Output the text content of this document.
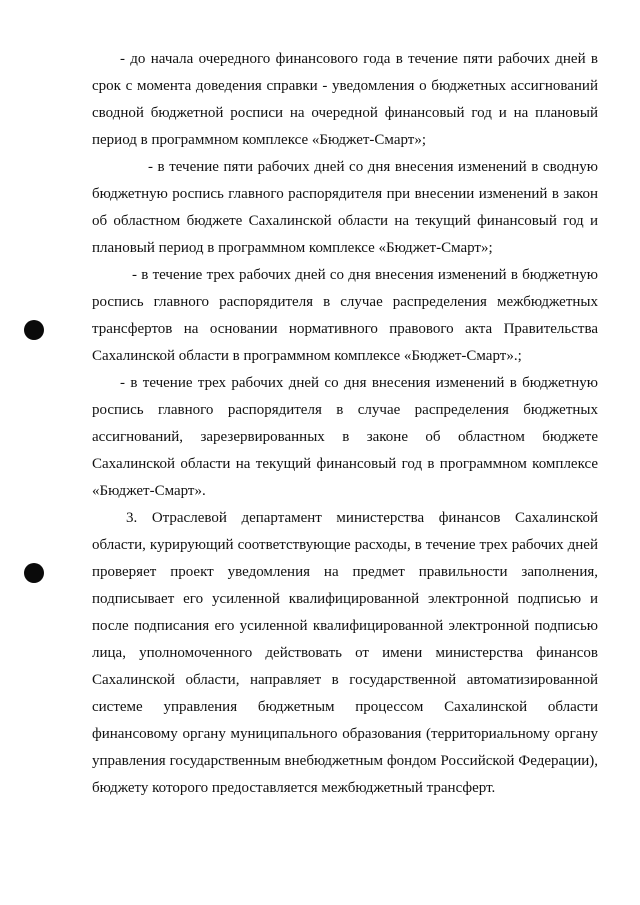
- до начала очередного финансового года в течение пяти рабочих дней в срок с момента доведения справки - уведомления о бюджетных ассигнований сводной бюджетной росписи на очередной финансовый год и на плановый период в программном комплексе «Бюджет-Смарт»;

- в течение пяти рабочих дней со дня внесения изменений в сводную бюджетную роспись главного распорядителя при внесении изменений в закон об областном бюджете Сахалинской области на текущий финансовый год и плановый период в программном комплексе «Бюджет-Смарт»;

- в течение трех рабочих дней со дня внесения изменений в бюджетную роспись главного распорядителя в случае распределения межбюджетных трансфертов на основании нормативного правового акта Правительства Сахалинской области в программном комплексе «Бюджет-Смарт».;

- в течение трех рабочих дней со дня внесения изменений в бюджетную роспись главного распорядителя в случае распределения бюджетных ассигнований, зарезервированных в законе об областном бюджете Сахалинской области на текущий финансовый год в программном комплексе «Бюджет-Смарт».

3. Отраслевой департамент министерства финансов Сахалинской области, курирующий соответствующие расходы, в течение трех рабочих дней проверяет проект уведомления на предмет правильности заполнения, подписывает его усиленной квалифицированной электронной подписью и после подписания его усиленной квалифицированной электронной подписью лица, уполномоченного действовать от имени министерства финансов Сахалинской области, направляет в государственной автоматизированной системе управления бюджетным процессом Сахалинской области финансовому органу муниципального образования (территориальному органу управления государственным внебюджетным фондом Российской Федерации), бюджету которого предоставляется межбюджетный трансферт.
